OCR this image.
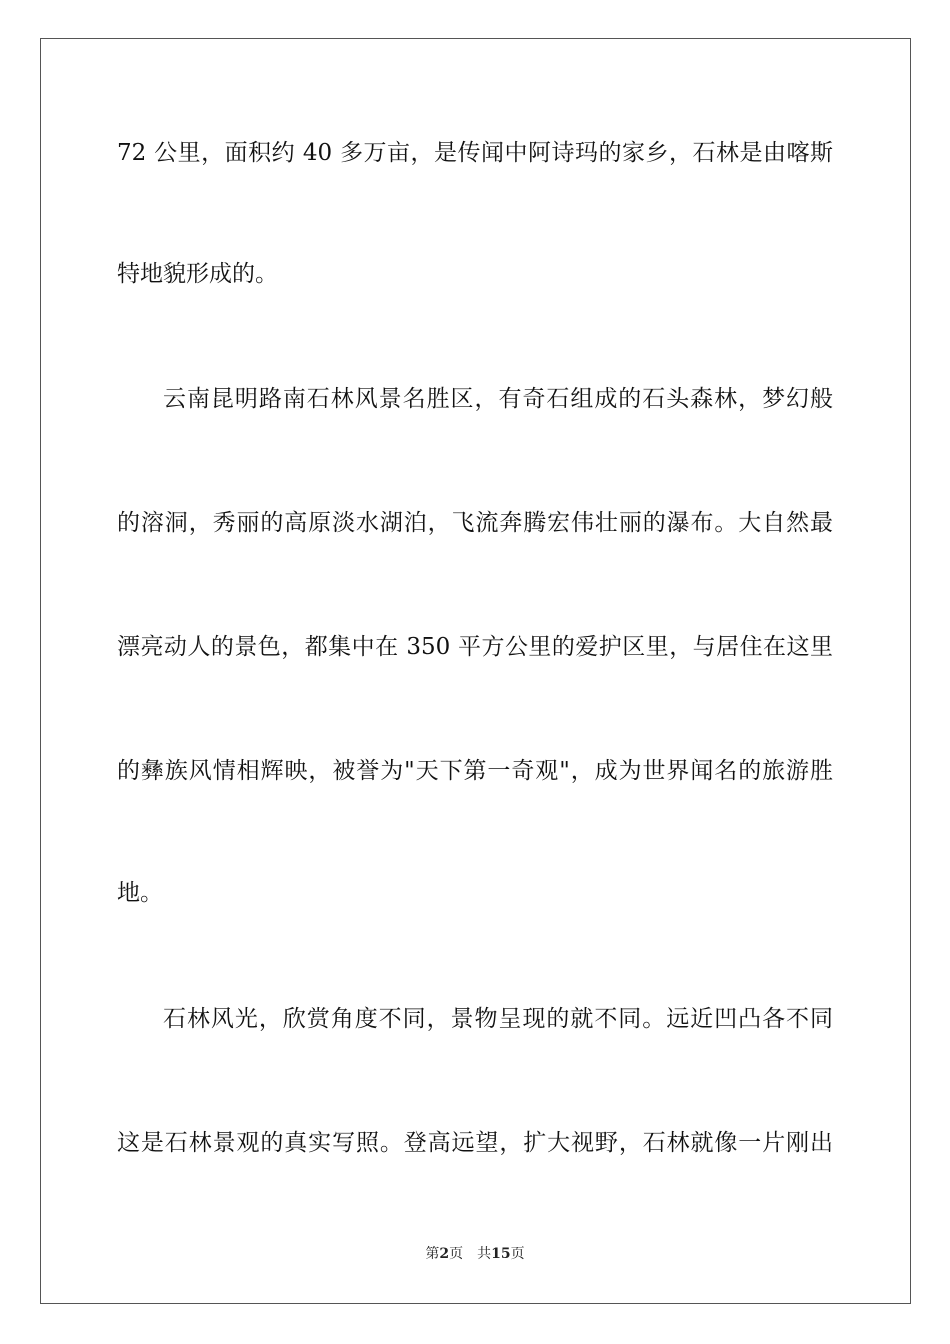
72 公里，面积约 40 多万亩，是传闻中阿诗玛的家乡，石林是由喀斯
特地貌形成的。
云南昆明路南石林风景名胜区，有奇石组成的石头森林，梦幻般
的溶洞，秀丽的高原淡水湖泊，飞流奔腾宏伟壮丽的瀑布。大自然最
漂亮动人的景色，都集中在 350 平方公里的爱护区里，与居住在这里
的彝族风情相辉映，被誉为"天下第一奇观"，成为世界闻名的旅游胜
地。
石林风光，欣赏角度不同，景物呈现的就不同。远近凹凸各不同
这是石林景观的真实写照。登高远望，扩大视野，石林就像一片刚出
第2页 共15页
